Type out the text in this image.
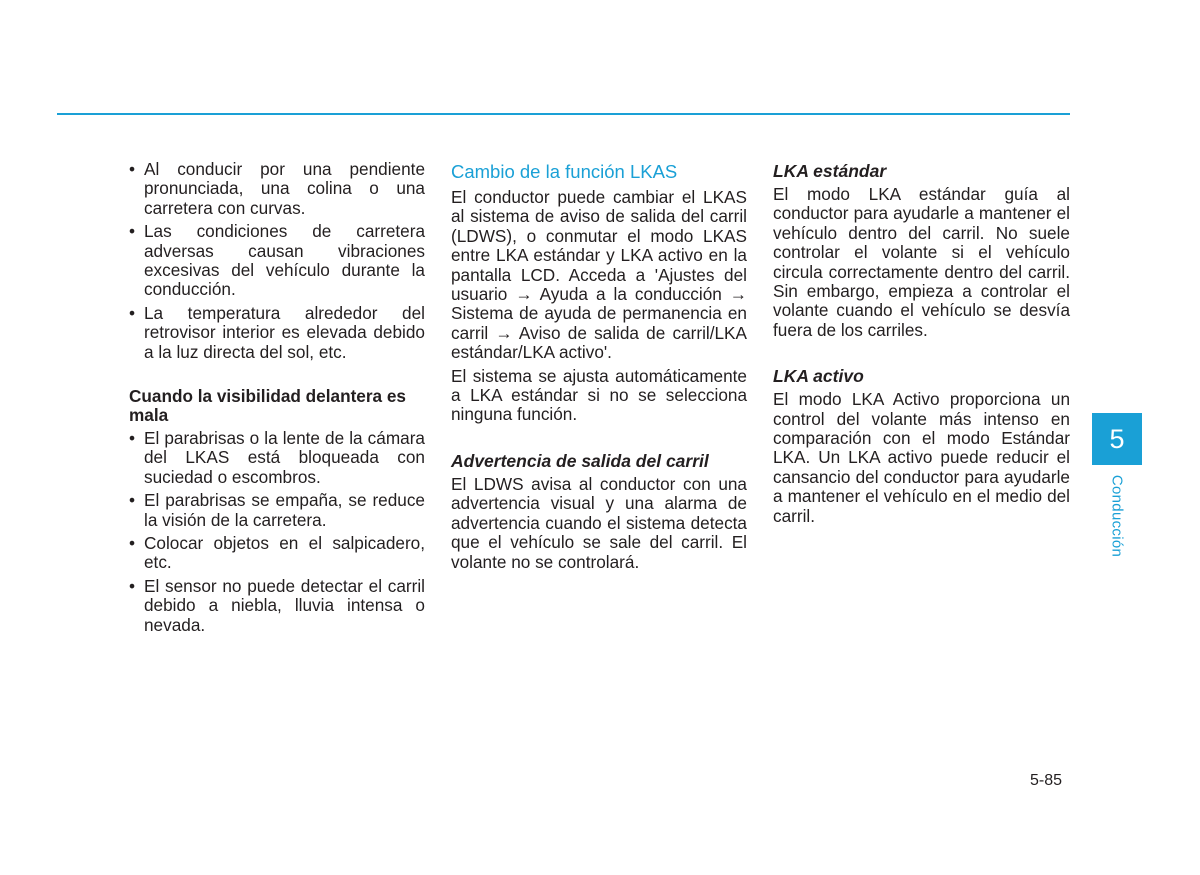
• Al conducir por una pendiente pronunciada, una colina o una carretera con curvas.
• Las condiciones de carretera adversas causan vibraciones excesivas del vehículo durante la conducción.
• La temperatura alrededor del retrovisor interior es elevada debido a la luz directa del sol, etc.
Cuando la visibilidad delantera es mala
• El parabrisas o la lente de la cámara del LKAS está bloqueada con suciedad o escombros.
• El parabrisas se empaña, se reduce la visión de la carretera.
• Colocar objetos en el salpicadero, etc.
• El sensor no puede detectar el carril debido a niebla, lluvia intensa o nevada.
Cambio de la función LKAS

El conductor puede cambiar el LKAS al sistema de aviso de salida del carril (LDWS), o conmutar el modo LKAS entre LKA estándar y LKA activo en la pantalla LCD. Acceda a 'Ajustes del usuario → Ayuda a la conducción → Sistema de ayuda de permanencia en carril → Aviso de salida de carril/LKA estándar/LKA activo'.

El sistema se ajusta automáticamente a LKA estándar si no se selecciona ninguna función.

Advertencia de salida del carril

El LDWS avisa al conductor con una advertencia visual y una alarma de advertencia cuando el sistema detecta que el vehículo se sale del carril. El volante no se controlará.

LKA estándar

El modo LKA estándar guía al conductor para ayudarle a mantener el vehículo dentro del carril. No suele controlar el volante si el vehículo circula correctamente dentro del carril. Sin embargo, empieza a controlar el volante cuando el vehículo se desvía fuera de los carriles.

LKA activo

El modo LKA Activo proporciona un control del volante más intenso en comparación con el modo Estándar LKA. Un LKA activo puede reducir el cansancio del conductor para ayudarle a mantener el vehículo en el medio del carril.

5
Conducción
5-85
